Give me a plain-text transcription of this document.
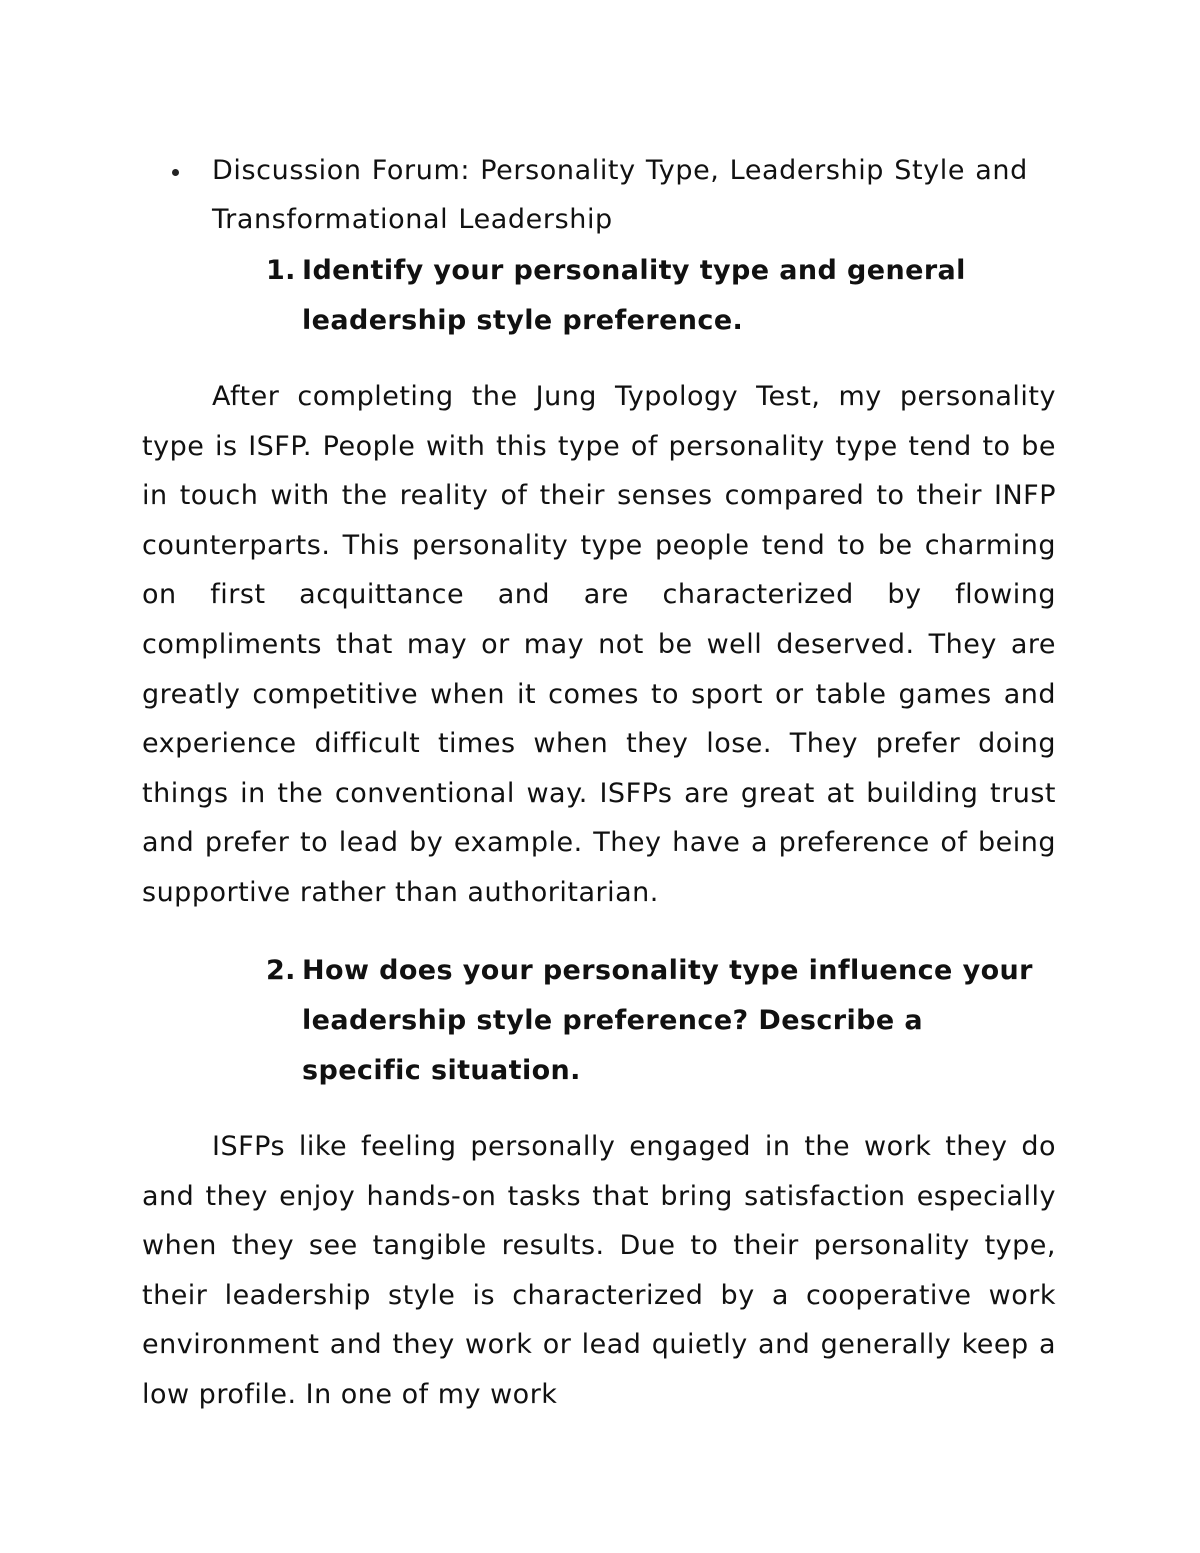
Discussion Forum: Personality Type, Leadership Style and Transformational Leadership
1. Identify your personality type and general leadership style preference.

After completing the Jung Typology Test, my personality type is ISFP. People with this type of personality type tend to be in touch with the reality of their senses compared to their INFP counterparts. This personality type people tend to be charming on first acquittance and are characterized by flowing compliments that may or may not be well deserved. They are greatly competitive when it comes to sport or table games and experience difficult times when they lose. They prefer doing things in the conventional way. ISFPs are great at building trust and prefer to lead by example. They have a preference of being supportive rather than authoritarian.

2. How does your personality type influence your leadership style preference? Describe a specific situation.

ISFPs like feeling personally engaged in the work they do and they enjoy hands-on tasks that bring satisfaction especially when they see tangible results. Due to their personality type, their leadership style is characterized by a cooperative work environment and they work or lead quietly and generally keep a low profile. In one of my work
